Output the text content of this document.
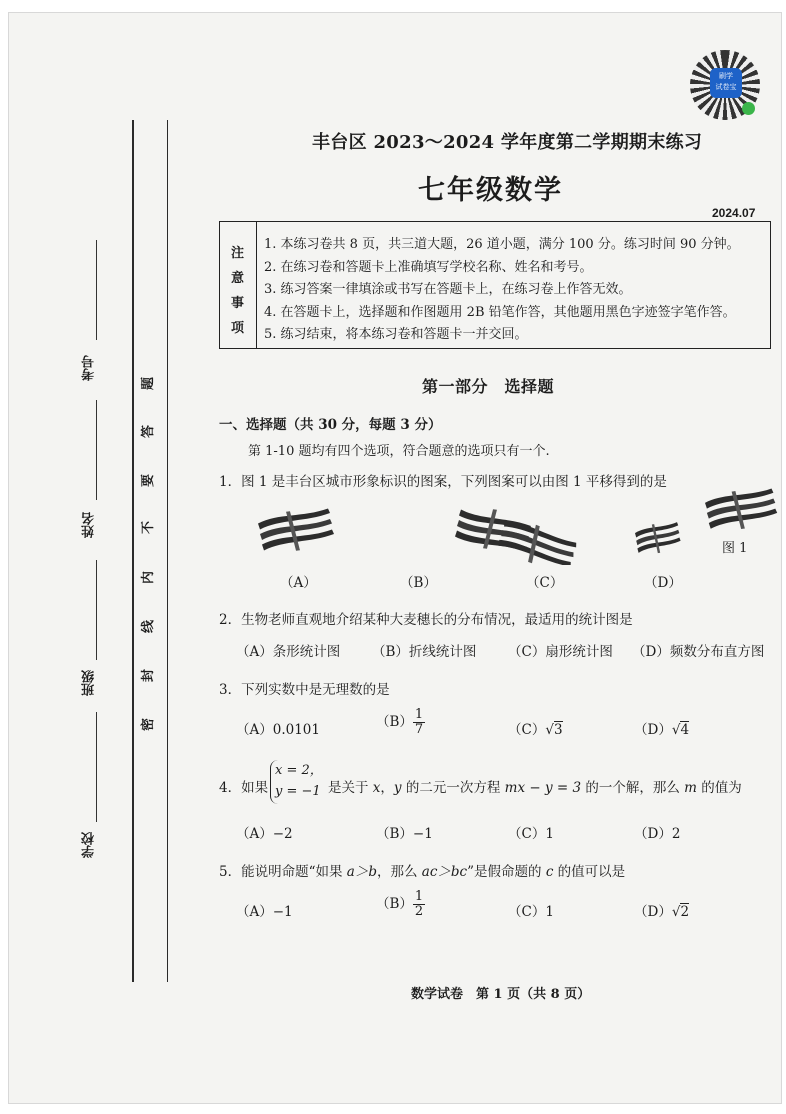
考号
姓名
班级
学校
题
答
要
不
内
线
封
密
刷学
试卷宝
丰台区 2023～2024 学年度第二学期期末练习
七年级数学
2024.07
注
意
事
项
1. 本练习卷共 8 页，共三道大题，26 道小题，满分 100 分。练习时间 90 分钟。
2. 在练习卷和答题卡上准确填写学校名称、姓名和考号。
3. 练习答案一律填涂或书写在答题卡上，在练习卷上作答无效。
4. 在答题卡上，选择题和作图题用 2B 铅笔作答，其他题用黑色字迹签字笔作答。
5. 练习结束，将本练习卷和答题卡一并交回。
第一部分　选择题
一、选择题（共 30 分，每题 3 分）
第 1-10 题均有四个选项，符合题意的选项只有一个.
1．图 1 是丰台区城市形象标识的图案，下列图案可以由图 1 平移得到的是
图 1
（A）	（B）	（C）	（D）
2．生物老师直观地介绍某种大麦穗长的分布情况，最适用的统计图是
（A）条形统计图 （B）折线统计图 （C）扇形统计图 （D）频数分布直方图
3．下列实数中是无理数的是
（A）0.0101	$(B) \frac{1}{7}$	（C）√3	（D）√4
4．如果
x = 2，
y = −1 是关于 x，y 的二元一次方程 mx − y = 3 的一个解，那么 m 的值为
（A）−2	（B）−1	（C）1	（D）2
5．能说明命题“如果 a＞b，那么 ac＞bc”是假命题的 c 的值可以是
（A）−1	$(B) \frac{1}{2}$	（C）1	（D）√2
数学试卷　第 1 页（共 8 页）
